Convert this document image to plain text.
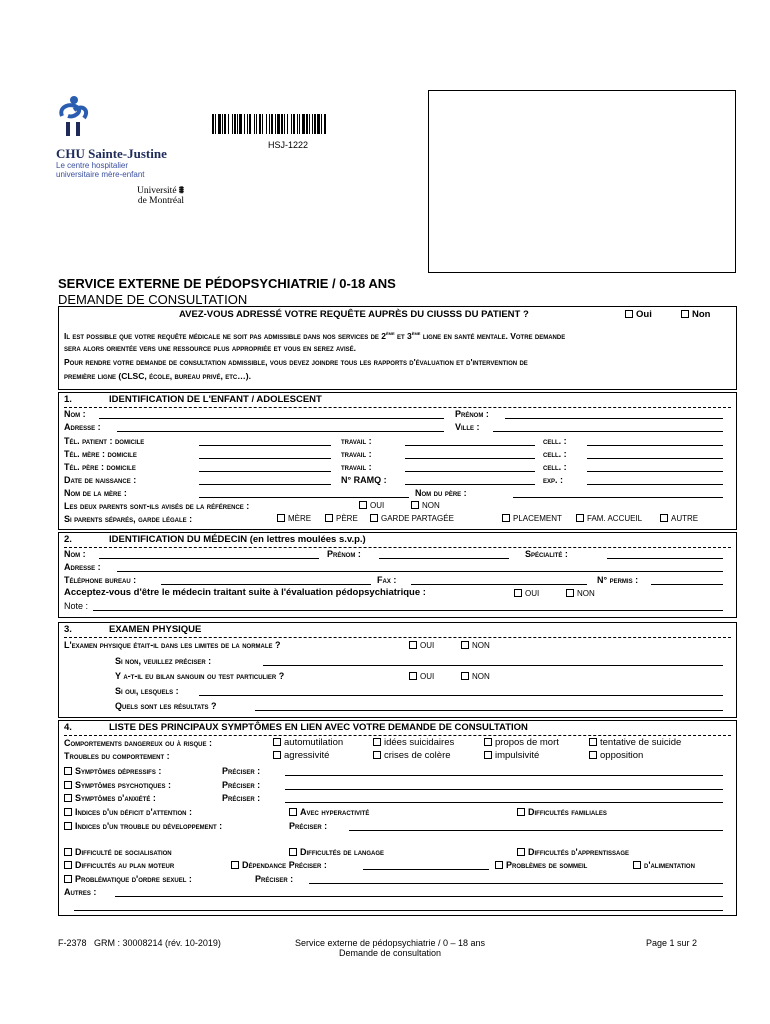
CHU Sainte-Justine
Le centre hospitalier
universitaire mère-enfant
Université ⩩
de Montréal
HSJ-1222
SERVICE EXTERNE DE PÉDOPSYCHIATRIE / 0-18 ANS
DEMANDE DE CONSULTATION
AVEZ-VOUS ADRESSÉ VOTRE REQUÊTE AUPRÈS DU CIUSSS DU PATIENT ?	Oui	Non
Il est possible que votre requête médicale ne soit pas admissible dans nos services de 2ème et 3ème ligne en santé mentale. Votre demande
sera alors orientée vers une ressource plus appropriée et vous en serez avisé.
Pour rendre votre demande de consultation admissible, vous devez joindre tous les rapports d'évaluation et d'intervention de
première ligne (CLSC, école, bureau privé, etc…).
1.	IDENTIFICATION DE L'ENFANT / ADOLESCENT
Nom :	Prénom :
Adresse :	Ville :
Tél. patient : domicile	travail :	cell. :
Tél. mère : domicile	travail :	cell. :
Tél. père : domicile	travail :	cell. :
Date de naissance :	N° RAMQ :	exp. :
Nom de la mère :	Nom du père :
Les deux parents sont-ils avisés de la référence :	OUI	NON
Si parents séparés, garde légale :	MÈRE	PÈRE	GARDE PARTAGÉE	PLACEMENT	FAM. ACCUEIL	AUTRE
2.	IDENTIFICATION DU MÉDECIN (en lettres moulées s.v.p.)
Nom :	Prénom :	Spécialité :
Adresse :
Téléphone bureau :	Fax :	N° permis :
Acceptez-vous d'être le médecin traitant suite à l'évaluation pédopsychiatrique :	OUI	NON
Note :
3.	EXAMEN PHYSIQUE
L'examen physique était-il dans les limites de la normale ?	OUI	NON
Si non, veuillez préciser :
Y a-t-il eu bilan sanguin ou test particulier ?	OUI	NON
Si oui, lesquels :
Quels sont les résultats ?
4.	LISTE DES PRINCIPAUX SYMPTÔMES EN LIEN AVEC VOTRE DEMANDE DE CONSULTATION
Comportements dangereux ou à risque :	automutilation	idées suicidaires	propos de mort	tentative de suicide
Troubles du comportement :	agressivité	crises de colère	impulsivité	opposition
Symptômes dépressifs :	Préciser :
Symptômes psychotiques :	Préciser :
Symptômes d'anxiété :	Préciser :
Indices d'un déficit d'attention :	Avec hyperactivité	Difficultés familiales
Indices d'un trouble du développement :	Préciser :
Difficulté de socialisation	Difficultés de langage	Difficultés d'apprentissage
Difficultés au plan moteur	Dépendance Préciser :	Problèmes de sommeil	d'alimentation
Problématique d'ordre sexuel :	Préciser :
Autres :
F-2378   GRM : 30008214 (rév. 10-2019)	Service externe de pédopsychiatrie / 0 – 18 ans
Demande de consultation
Page 1 sur 2
